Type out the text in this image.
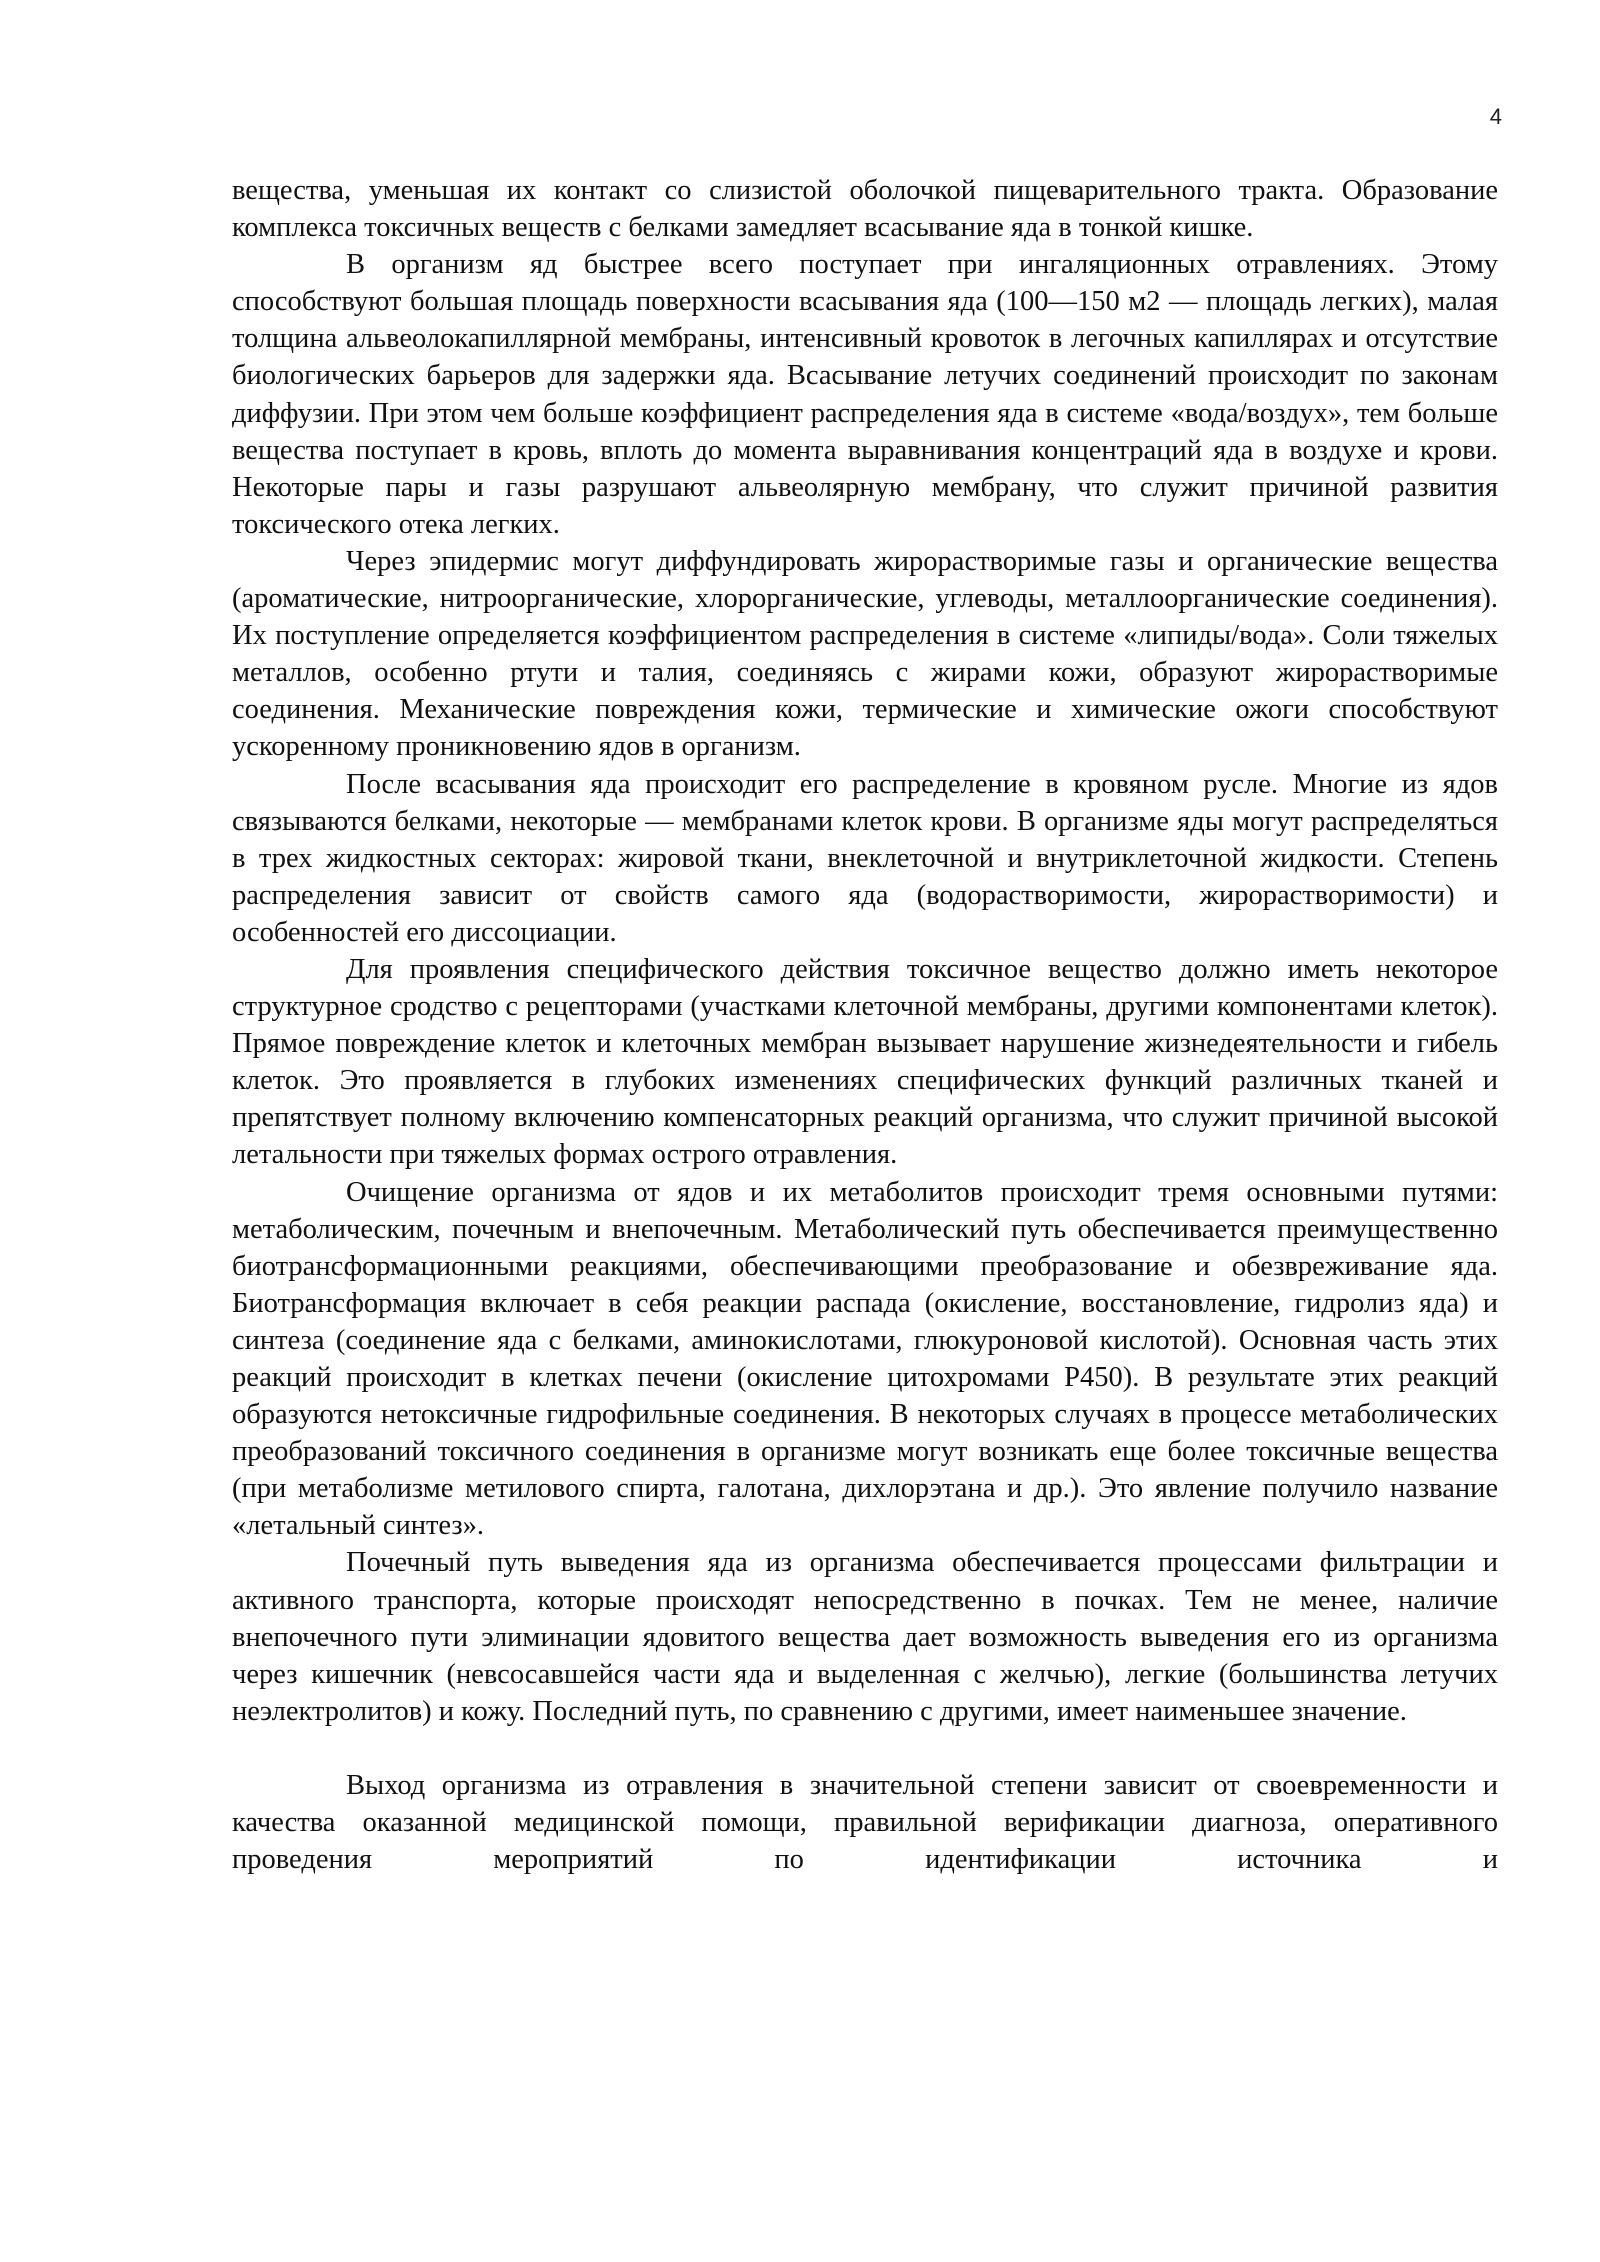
4

вещества, уменьшая их контакт со слизистой оболочкой пищеварительного тракта. Образование комплекса токсичных веществ с белками замедляет всасывание яда в тонкой кишке.

В организм яд быстрее всего поступает при ингаляционных отравлениях. Этому способствуют большая площадь поверхности всасывания яда (100—150 м2 — площадь легких), малая толщина альвеолокапиллярной мембраны, интенсивный кровоток в легочных капиллярах и отсутствие биологических барьеров для задержки яда. Всасывание летучих соединений происходит по законам диффузии. При этом чем больше коэффициент распределения яда в системе «вода/воздух», тем больше вещества поступает в кровь, вплоть до момента выравнивания концентраций яда в воздухе и крови. Некоторые пары и газы разрушают альвеолярную мембрану, что служит причиной развития токсического отека легких.

Через эпидермис могут диффундировать жирорастворимые газы и органические вещества (ароматические, нитроорганические, хлорорганические, углеводы, металлоорганические соединения). Их поступление определяется коэффициентом распределения в системе «липиды/вода». Соли тяжелых металлов, особенно ртути и талия, соединяясь с жирами кожи, образуют жирорастворимые соединения. Механические повреждения кожи, термические и химические ожоги способствуют ускоренному проникновению ядов в организм.

После всасывания яда происходит его распределение в кровяном русле. Многие из ядов связываются белками, некоторые — мембранами клеток крови. В организме яды могут распределяться в трех жидкостных секторах: жировой ткани, внеклеточной и внутриклеточной жидкости. Степень распределения зависит от свойств самого яда (водорастворимости, жирорастворимости) и особенностей его диссоциации.

Для проявления специфического действия токсичное вещество должно иметь некоторое структурное сродство с рецепторами (участками клеточной мембраны, другими компонентами клеток). Прямое повреждение клеток и клеточных мембран вызывает нарушение жизнедеятельности и гибель клеток. Это проявляется в глубоких изменениях специфических функций различных тканей и препятствует полному включению компенсаторных реакций организма, что служит причиной высокой летальности при тяжелых формах острого отравления.

Очищение организма от ядов и их метаболитов происходит тремя основными путями: метаболическим, почечным и внепочечным. Метаболический путь обеспечивается преимущественно биотрансформационными реакциями, обеспечивающими преобразование и обезвреживание яда. Биотрансформация включает в себя реакции распада (окисление, восстановление, гидролиз яда) и синтеза (соединение яда с белками, аминокислотами, глюкуроновой кислотой). Основная часть этих реакций происходит в клетках печени (окисление цитохромами Р450). В результате этих реакций образуются нетоксичные гидрофильные соединения. В некоторых случаях в процессе метаболических преобразований токсичного соединения в организме могут возникать еще более токсичные вещества (при метаболизме метилового спирта, галотана, дихлорэтана и др.). Это явление получило название «летальный синтез».

Почечный путь выведения яда из организма обеспечивается процессами фильтрации и активного транспорта, которые происходят непосредственно в почках. Тем не менее, наличие внепочечного пути элиминации ядовитого вещества дает возможность выведения его из организма через кишечник (невсосавшейся части яда и выделенная с желчью), легкие (большинства летучих неэлектролитов) и кожу. Последний путь, по сравнению с другими, имеет наименьшее значение.

Выход организма из отравления в значительной степени зависит от своевременности и качества оказанной медицинской помощи, правильной верификации диагноза, оперативного проведения мероприятий по идентификации источника и
